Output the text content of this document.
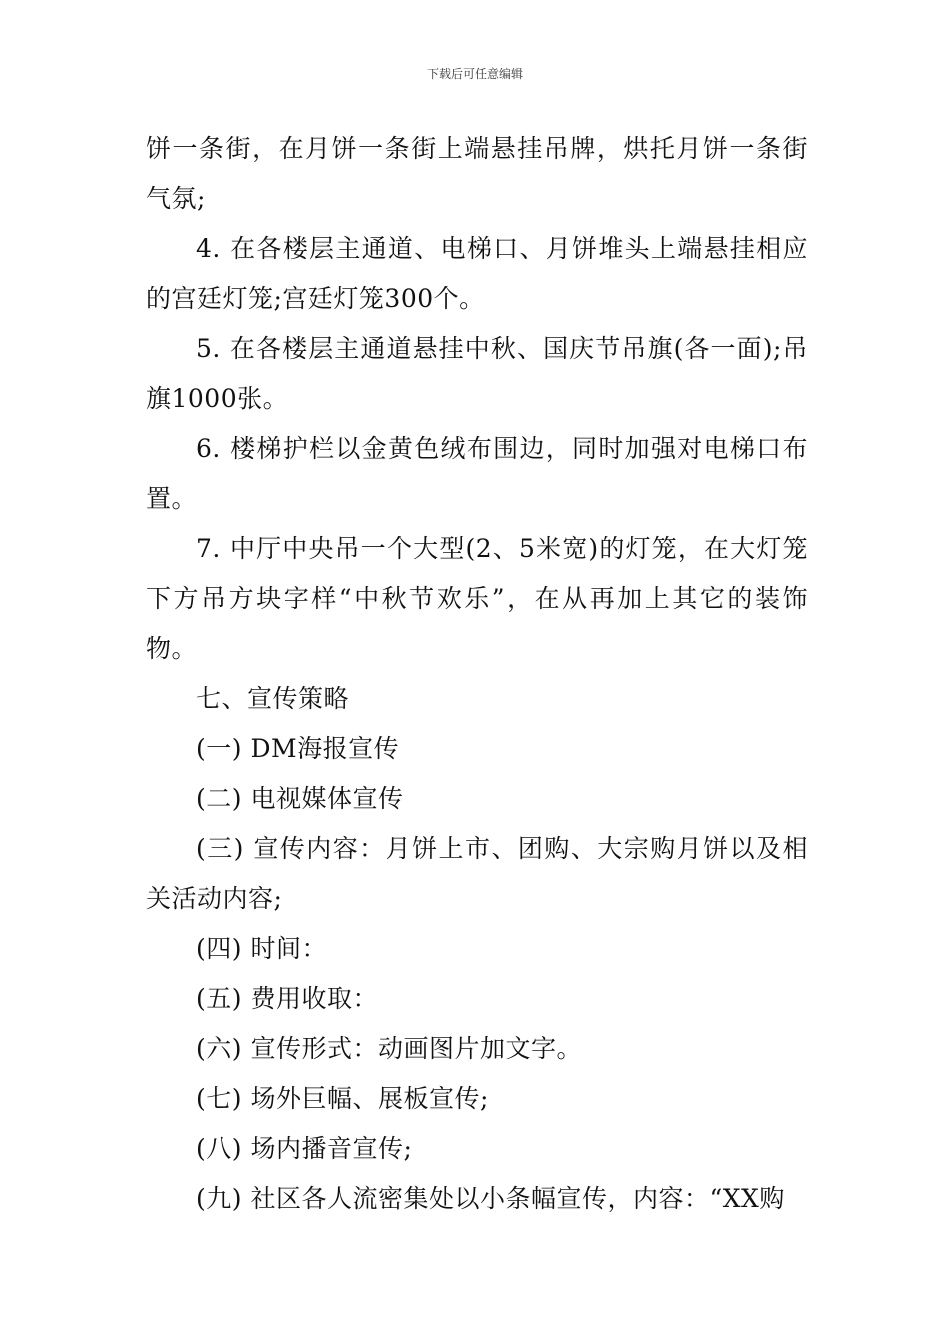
下载后可任意编辑

饼一条街，在月饼一条街上端悬挂吊牌，烘托月饼一条街气氛;

4. 在各楼层主通道、电梯口、月饼堆头上端悬挂相应的宫廷灯笼;宫廷灯笼300个。

5. 在各楼层主通道悬挂中秋、国庆节吊旗(各一面);吊旗1000张。

6. 楼梯护栏以金黄色绒布围边，同时加强对电梯口布置。

7. 中厅中央吊一个大型(2、5米宽)的灯笼，在大灯笼下方吊方块字样“中秋节欢乐”，在从再加上其它的装饰物。

七、宣传策略

(一) DM海报宣传

(二) 电视媒体宣传

(三) 宣传内容：月饼上市、团购、大宗购月饼以及相关活动内容;

(四) 时间：

(五) 费用收取：

(六) 宣传形式：动画图片加文字。

(七) 场外巨幅、展板宣传;

(八) 场内播音宣传;

(九) 社区各人流密集处以小条幅宣传，内容：“XX购
